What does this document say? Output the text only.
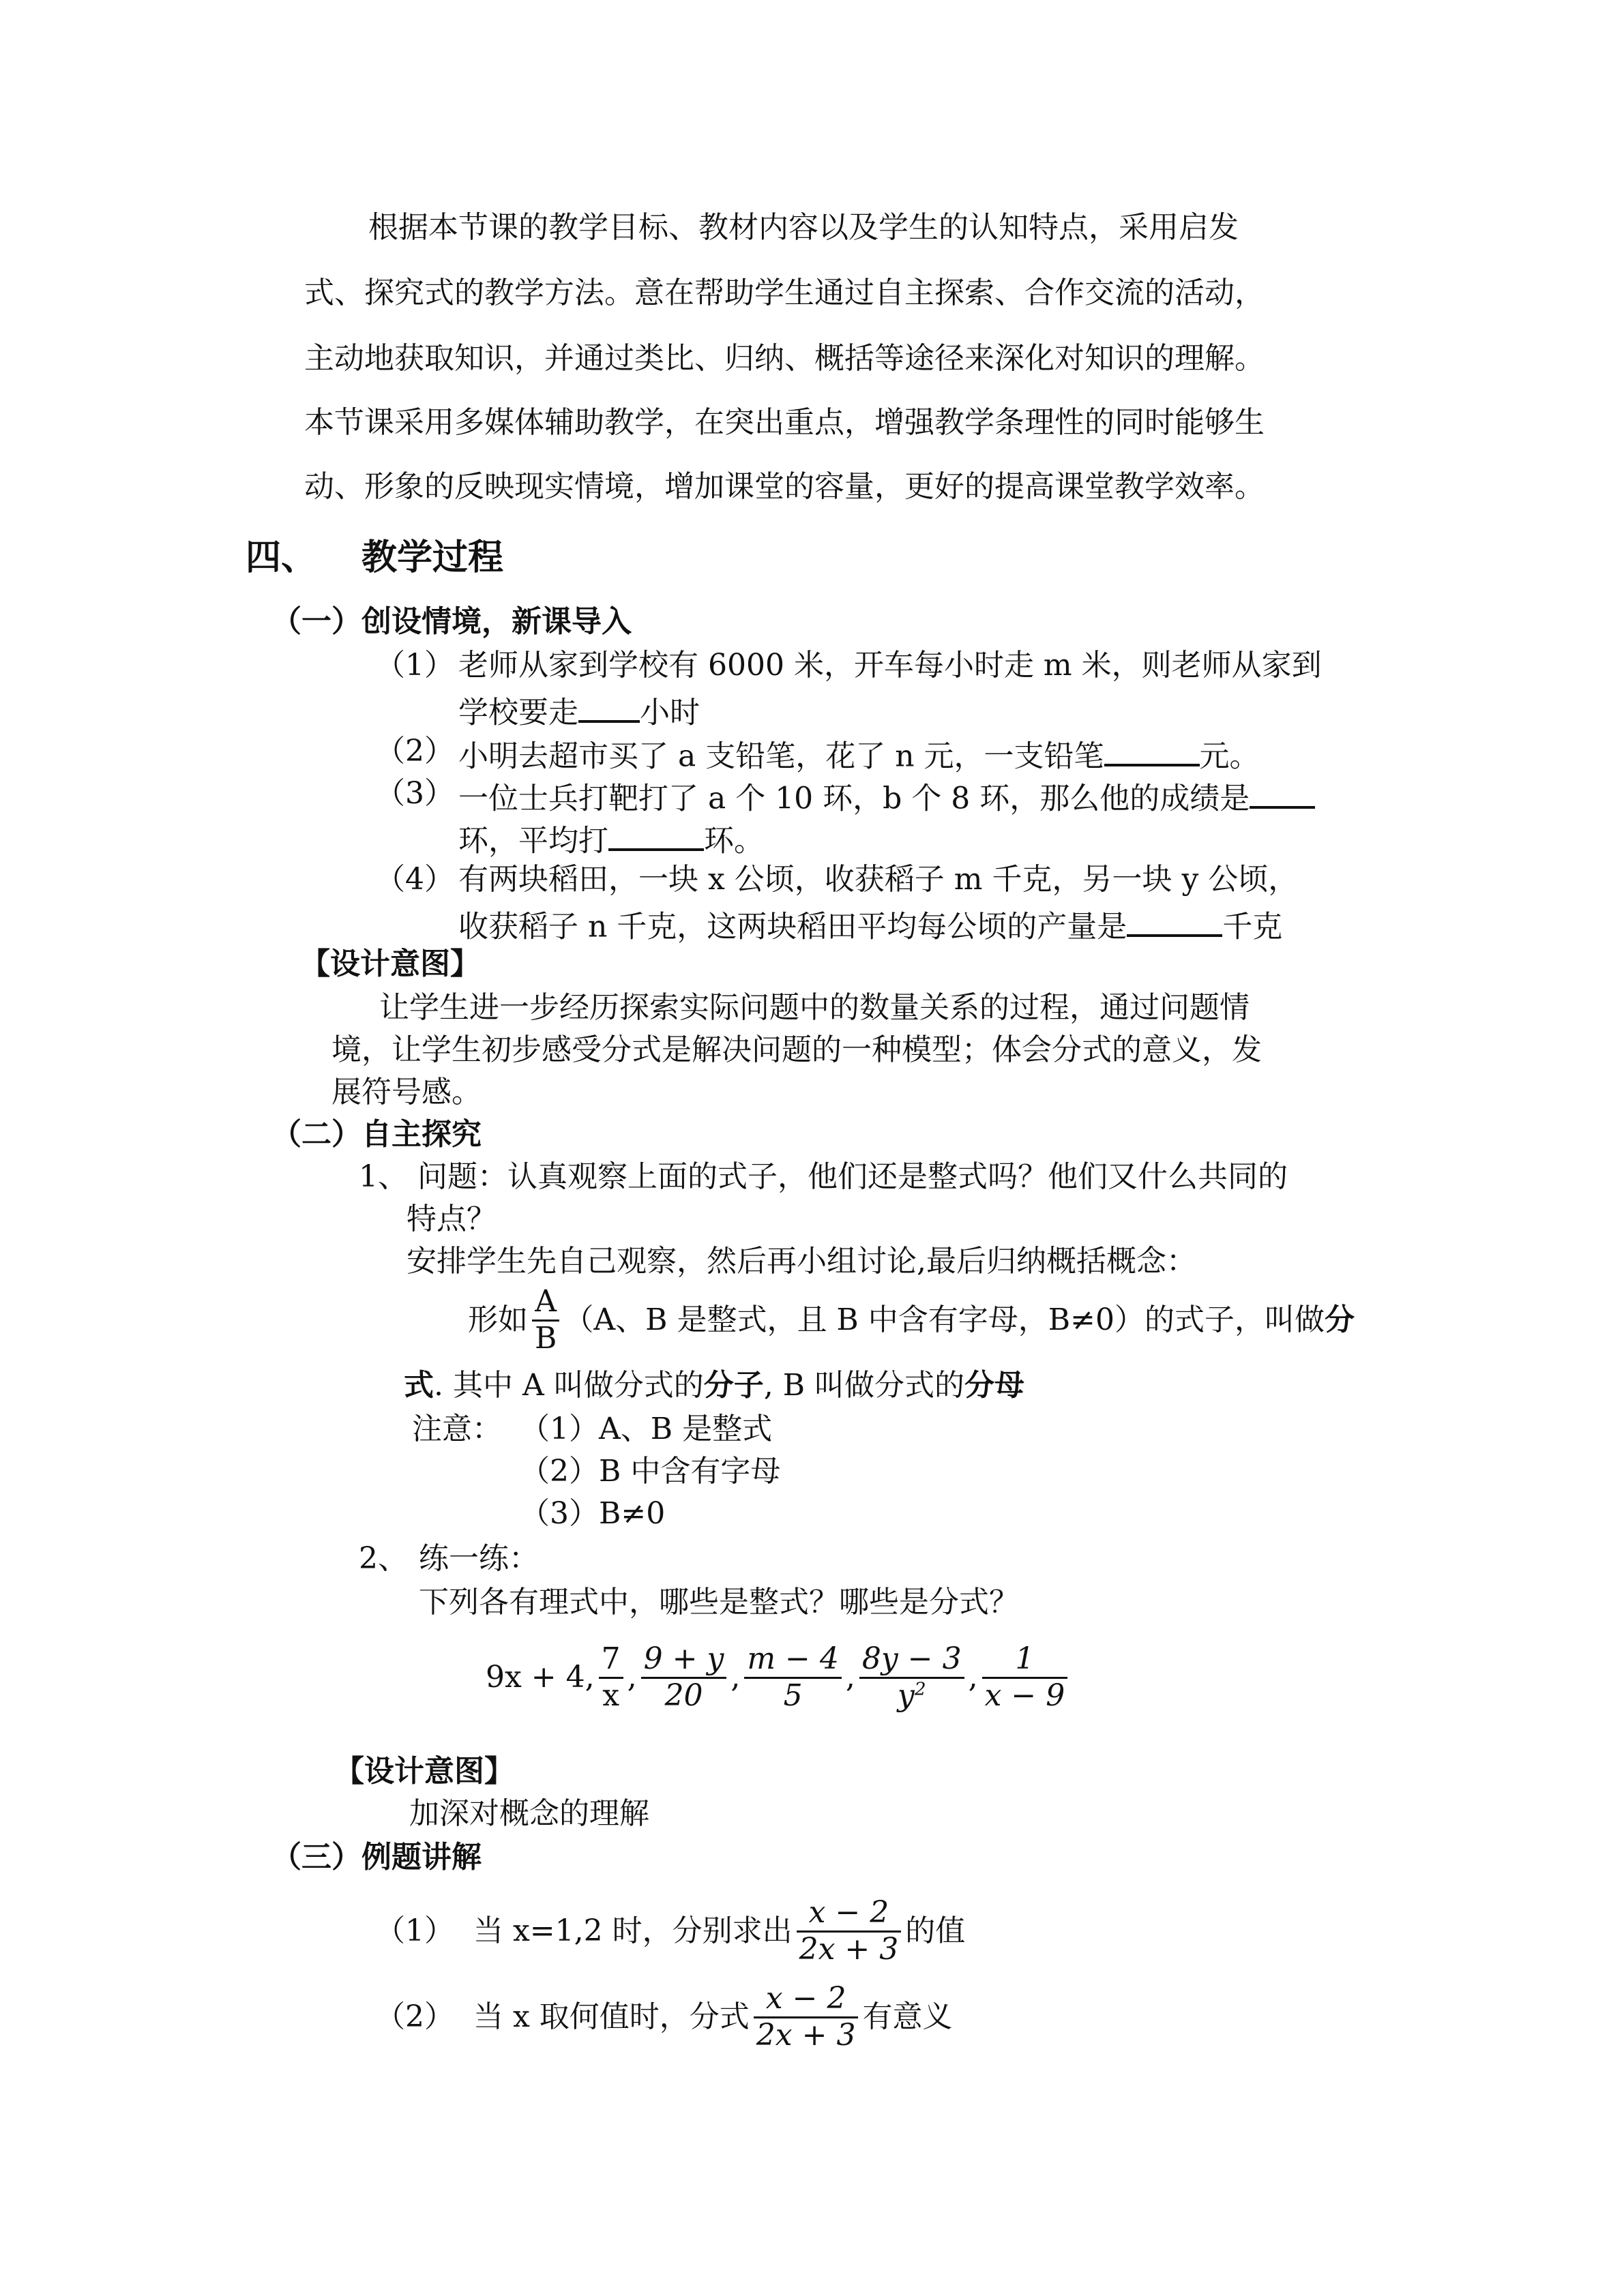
根据本节课的教学目标、教材内容以及学生的认知特点，采用启发
式、探究式的教学方法。意在帮助学生通过自主探索、合作交流的活动，
主动地获取知识，并通过类比、归纳、概括等途径来深化对知识的理解。
本节课采用多媒体辅助教学，在突出重点，增强教学条理性的同时能够生
动、形象的反映现实情境，增加课堂的容量，更好的提高课堂教学效率。
四、 教学过程
（一）创设情境，新课导入
（1） 老师从家到学校有 6000 米，开车每小时走 m 米，则老师从家到
学校要走 小时
（2） 小明去超市买了 a 支铅笔，花了 n 元，一支铅笔	元。
（3） 一位士兵打靶打了 a 个 10 环，b 个 8 环，那么他的成绩是
环，平均打	环。
（4） 有两块稻田，一块 x 公顷，收获稻子 m 千克，另一块 y 公顷，
收获稻子 n 千克，这两块稻田平均每公顷的产量是	千克
【设计意图】
让学生进一步经历探索实际问题中的数量关系的过程，通过问题情
境，让学生初步感受分式是解决问题的一种模型；体会分式的意义，发
展符号感。
（二）自主探究
1、 问题：认真观察上面的式子，他们还是整式吗？他们又什么共同的
特点？
安排学生先自己观察，然后再小组讨论,最后归纳概括概念：
形如 $\frac{A}{B} (A$、B 是整式，且 B 中含有字母，B≠0）的式子，叫做 分
式. 其中 A 叫做分式的分子, B 叫做分式的分母
注意： （1）A、B 是整式
（2）B 中含有字母
（3）B≠0
2、 练一练：
下列各有理式中，哪些是整式？哪些是分式？
9x + 4, $\frac{7}{x}$ , $\frac{9 + y}{20}$ , $\frac{m - 4}{5}$ , $\frac{8y - 3}{y^2}$ , $\frac{1}{x - 9}$
【设计意图】
加深对概念的理解
（三）例题讲解
（1） 当 x=1,2 时，分别求出 $\frac{x - 2}{2x + 3}$ 的值
（2） 当 x 取何值时，分式 $\frac{x - 2}{2x + 3}$ 有意义
